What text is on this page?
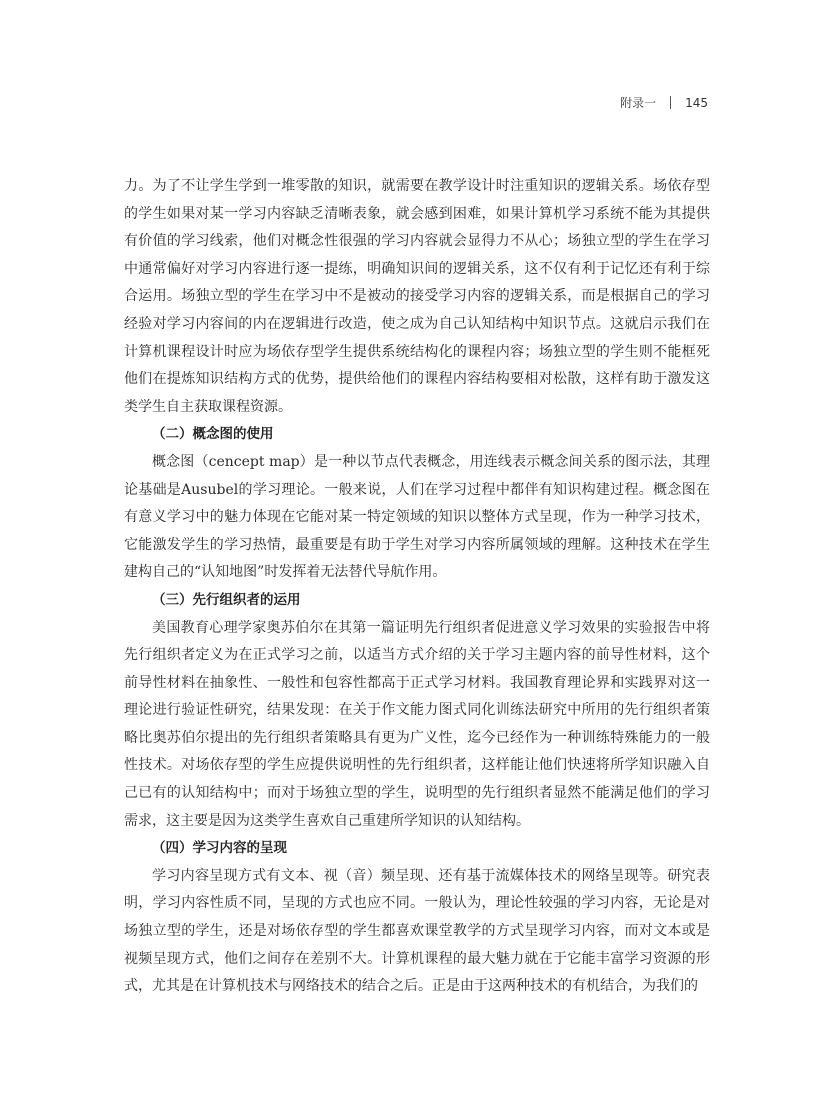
附录一 145

力。为了不让学生学到一堆零散的知识，就需要在教学设计时注重知识的逻辑关系。场依存型的学生如果对某一学习内容缺乏清晰表象，就会感到困难，如果计算机学习系统不能为其提供有价值的学习线索，他们对概念性很强的学习内容就会显得力不从心；场独立型的学生在学习中通常偏好对学习内容进行逐一提练，明确知识间的逻辑关系，这不仅有利于记忆还有利于综合运用。场独立型的学生在学习中不是被动的接受学习内容的逻辑关系，而是根据自己的学习经验对学习内容间的内在逻辑进行改造，使之成为自己认知结构中知识节点。这就启示我们在计算机课程设计时应为场依存型学生提供系统结构化的课程内容；场独立型的学生则不能框死他们在提炼知识结构方式的优势，提供给他们的课程内容结构要相对松散，这样有助于激发这类学生自主获取课程资源。

（二）概念图的使用

概念图（cencept map）是一种以节点代表概念，用连线表示概念间关系的图示法，其理论基础是Ausubel的学习理论。一般来说，人们在学习过程中都伴有知识构建过程。概念图在有意义学习中的魅力体现在它能对某一特定领域的知识以整体方式呈现，作为一种学习技术，它能激发学生的学习热情，最重要是有助于学生对学习内容所属领域的理解。这种技术在学生建构自己的“认知地图”时发挥着无法替代导航作用。

（三）先行组织者的运用

美国教育心理学家奥苏伯尔在其第一篇证明先行组织者促进意义学习效果的实验报告中将先行组织者定义为在正式学习之前，以适当方式介绍的关于学习主题内容的前导性材料，这个前导性材料在抽象性、一般性和包容性都高于正式学习材料。我国教育理论界和实践界对这一理论进行验证性研究，结果发现：在关于作文能力图式同化训练法研究中所用的先行组织者策略比奥苏伯尔提出的先行组织者策略具有更为广义性，迄今已经作为一种训练特殊能力的一般性技术。对场依存型的学生应提供说明性的先行组织者，这样能让他们快速将所学知识融入自己已有的认知结构中；而对于场独立型的学生，说明型的先行组织者显然不能满足他们的学习需求，这主要是因为这类学生喜欢自己重建所学知识的认知结构。

（四）学习内容的呈现

学习内容呈现方式有文本、视（音）频呈现、还有基于流媒体技术的网络呈现等。研究表明，学习内容性质不同，呈现的方式也应不同。一般认为，理论性较强的学习内容，无论是对场独立型的学生，还是对场依存型的学生都喜欢课堂教学的方式呈现学习内容，而对文本或是视频呈现方式，他们之间存在差别不大。计算机课程的最大魅力就在于它能丰富学习资源的形式，尤其是在计算机技术与网络技术的结合之后。正是由于这两种技术的有机结合，为我们的
